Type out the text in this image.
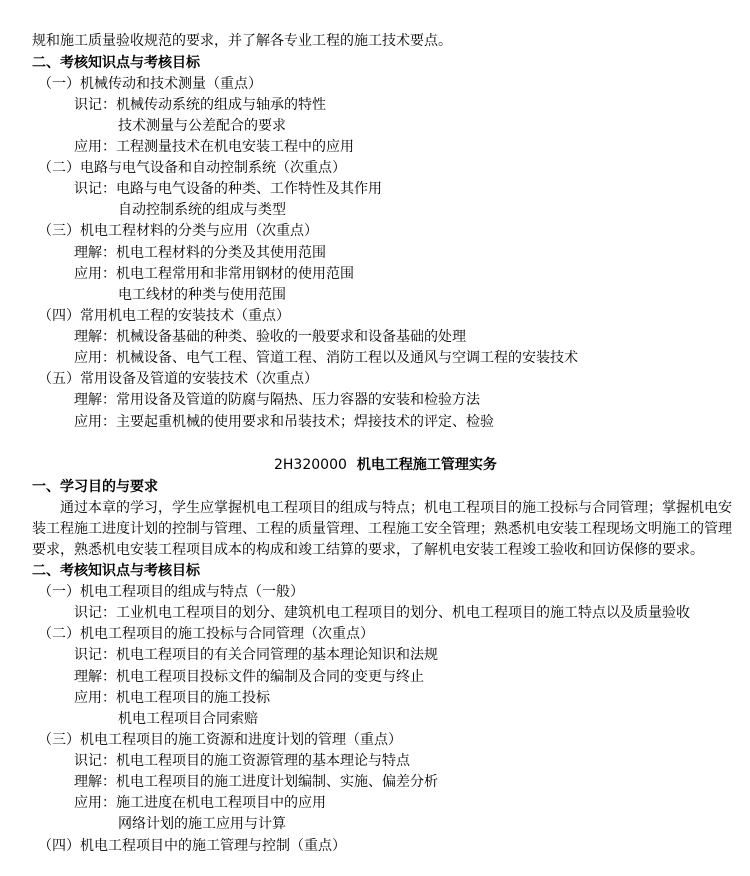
规和施工质量验收规范的要求，并了解各专业工程的施工技术要点。
二、考核知识点与考核目标
（一）机械传动和技术测量（重点）
识记：机械传动系统的组成与轴承的特性
技术测量与公差配合的要求
应用：工程测量技术在机电安装工程中的应用
（二）电路与电气设备和自动控制系统（次重点）
识记：电路与电气设备的种类、工作特性及其作用
自动控制系统的组成与类型
（三）机电工程材料的分类与应用（次重点）
理解：机电工程材料的分类及其使用范围
应用：机电工程常用和非常用钢材的使用范围
电工线材的种类与使用范围
（四）常用机电工程的安装技术（重点）
理解：机械设备基础的种类、验收的一般要求和设备基础的处理
应用：机械设备、电气工程、管道工程、消防工程以及通风与空调工程的安装技术
（五）常用设备及管道的安装技术（次重点）
理解：常用设备及管道的防腐与隔热、压力容器的安装和检验方法
应用：主要起重机械的使用要求和吊装技术；焊接技术的评定、检验
2H320000 机电工程施工管理实务
一、学习目的与要求
通过本章的学习，学生应掌握机电工程项目的组成与特点；机电工程项目的施工投标与合同管理；掌握机电安
装工程施工进度计划的控制与管理、工程的质量管理、工程施工安全管理；熟悉机电安装工程现场文明施工的管理
要求，熟悉机电安装工程项目成本的构成和竣工结算的要求，了解机电安装工程竣工验收和回访保修的要求。
二、考核知识点与考核目标
（一）机电工程项目的组成与特点（一般）
识记：工业机电工程项目的划分、建筑机电工程项目的划分、机电工程项目的施工特点以及质量验收
（二）机电工程项目的施工投标与合同管理（次重点）
识记：机电工程项目的有关合同管理的基本理论知识和法规
理解：机电工程项目投标文件的编制及合同的变更与终止
应用：机电工程项目的施工投标
机电工程项目合同索赔
（三）机电工程项目的施工资源和进度计划的管理（重点）
识记：机电工程项目的施工资源管理的基本理论与特点
理解：机电工程项目的施工进度计划编制、实施、偏差分析
应用：施工进度在机电工程项目中的应用
网络计划的施工应用与计算
（四）机电工程项目中的施工管理与控制（重点）
